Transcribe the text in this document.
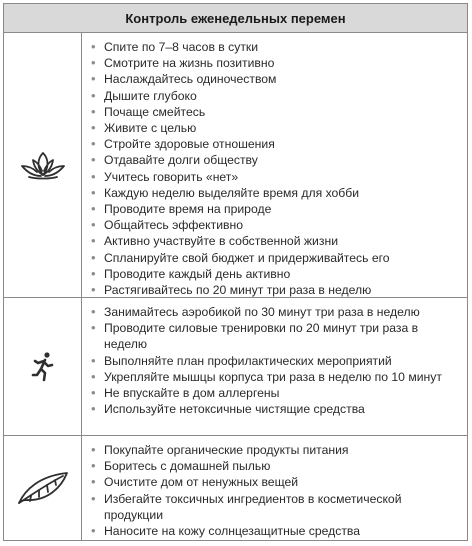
Контроль еженедельных перемен
• Спите по 7–8 часов в сутки
• Смотрите на жизнь позитивно
• Наслаждайтесь одиночеством
• Дышите глубоко
• Почаще смейтесь
• Живите с целью
• Стройте здоровые отношения
• Отдавайте долги обществу
• Учитесь говорить «нет»
• Каждую неделю выделяйте время для хобби
• Проводите время на природе
• Общайтесь эффективно
• Активно участвуйте в собственной жизни
• Спланируйте свой бюджет и придерживайтесь его
• Проводите каждый день активно
• Растягивайтесь по 20 минут три раза в неделю
• Занимайтесь аэробикой по 30 минут три раза в неделю
• Проводите силовые тренировки по 20 минут три раза в неделю
• Выполняйте план профилактических мероприятий
• Укрепляйте мышцы корпуса три раза в неделю по 10 минут
• Не впускайте в дом аллергены
• Используйте нетоксичные чистящие средства
• Покупайте органические продукты питания
• Боритесь с домашней пылью
• Очистите дом от ненужных вещей
• Избегайте токсичных ингредиентов в косметической продукции
• Наносите на кожу солнцезащитные средства
